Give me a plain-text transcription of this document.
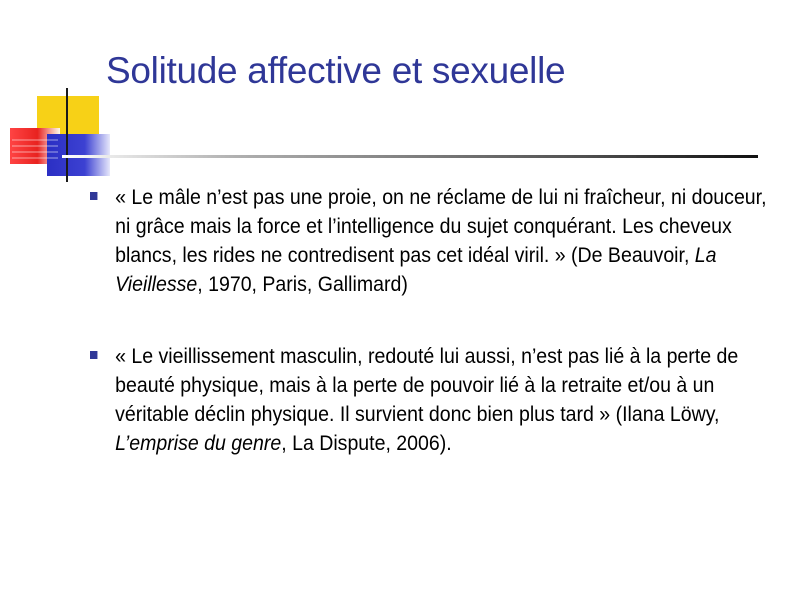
Solitude affective et sexuelle
« Le mâle n’est pas une proie, on ne réclame de lui ni fraîcheur, ni douceur, ni grâce mais la force et l’intelligence du sujet conquérant. Les cheveux blancs, les rides ne contredisent pas cet idéal viril. » (De Beauvoir, La Vieillesse, 1970, Paris, Gallimard)
« Le vieillissement masculin, redouté lui aussi, n’est pas lié à la perte de beauté physique, mais à la perte de pouvoir lié à la retraite et/ou à un véritable déclin physique. Il survient donc bien plus tard » (Ilana Löwy, L’emprise du genre, La Dispute, 2006).
